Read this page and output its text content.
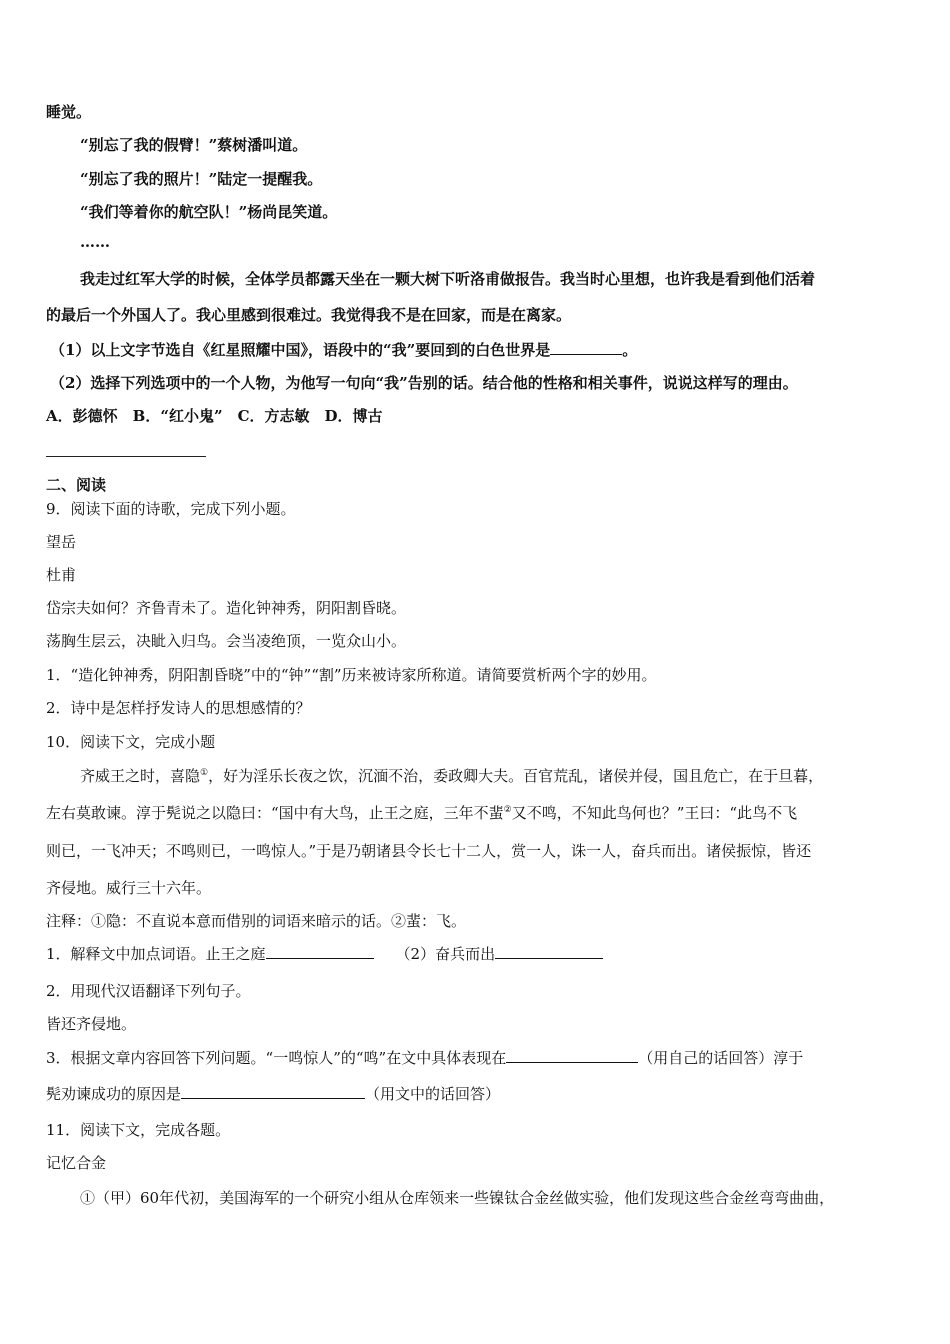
睡觉。
“别忘了我的假臂！”蔡树潘叫道。
“别忘了我的照片！”陆定一提醒我。
“我们等着你的航空队！”杨尚昆笑道。
……
我走过红军大学的时候，全体学员都露天坐在一颗大树下听洛甫做报告。我当时心里想，也许我是看到他们活着
的最后一个外国人了。我心里感到很难过。我觉得我不是在回家，而是在离家。
（1）以上文字节选自《红星照耀中国》，语段中的“我”要回到的白色世界是	。
（2）选择下列选项中的一个人物，为他写一句向“我”告别的话。结合他的性格和相关事件，说说这样写的理由。
A．彭德怀　B．“红小鬼”　C．方志敏　D．博古
二、阅读
9．阅读下面的诗歌，完成下列小题。
望岳
杜甫
岱宗夫如何？齐鲁青未了。造化钟神秀，阴阳割昏晓。
荡胸生层云，决眦入归鸟。会当凌绝顶，一览众山小。
1．“造化钟神秀，阴阳割昏晓”中的“钟”“割”历来被诗家所称道。请简要赏析两个字的妙用。
2．诗中是怎样抒发诗人的思想感情的？
10．阅读下文，完成小题
齐威王之时，喜隐①，好为淫乐长夜之饮，沉湎不治，委政卿大夫。百官荒乱，诸侯并侵，国且危亡，在于旦暮，
左右莫敢谏。淳于髡说之以隐曰：“国中有大鸟，止王之庭，三年不蜚②又不鸣，不知此鸟何也？”王曰：“此鸟不飞
则已，一飞冲天；不鸣则已，一鸣惊人。”于是乃朝诸县令长七十二人，赏一人，诛一人，奋兵而出。诸侯振惊，皆还
齐侵地。威行三十六年。
注释：①隐：不直说本意而借别的词语来暗示的话。②蜚：飞。
1．解释文中加点词语。止王之庭	（2）奋兵而出
2．用现代汉语翻译下列句子。
皆还齐侵地。
3．根据文章内容回答下列问题。“一鸣惊人”的“鸣”在文中具体表现在	（用自己的话回答）淳于
髡劝谏成功的原因是	（用文中的话回答）
11．阅读下文，完成各题。
记忆合金
①（甲）60年代初，美国海军的一个研究小组从仓库领来一些镍钛合金丝做实验，他们发现这些合金丝弯弯曲曲，
